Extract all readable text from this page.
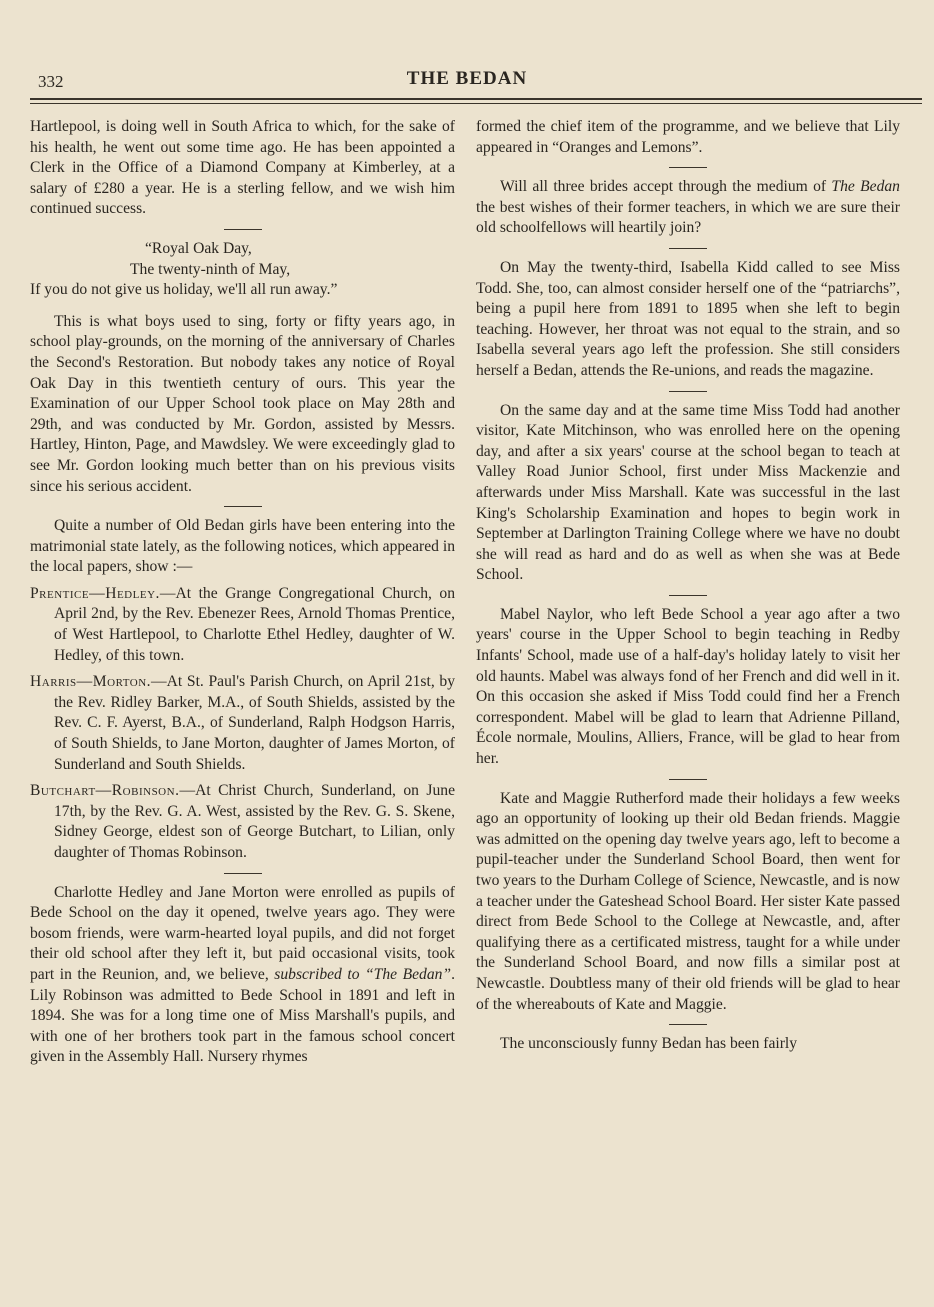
332	THE BEDAN

Hartlepool, is doing well in South Africa to which, for the sake of his health, he went out some time ago. He has been appointed a Clerk in the Office of a Diamond Company at Kimberley, at a salary of £280 a year. He is a sterling fellow, and we wish him continued success.

“Royal Oak Day,
The twenty-ninth of May,
If you do not give us holiday, we'll all run away.”

This is what boys used to sing, forty or fifty years ago, in school play-grounds, on the morning of the anniversary of Charles the Second's Restoration. But nobody takes any notice of Royal Oak Day in this twentieth century of ours. This year the Examination of our Upper School took place on May 28th and 29th, and was conducted by Mr. Gordon, assisted by Messrs. Hartley, Hinton, Page, and Mawdsley. We were exceedingly glad to see Mr. Gordon looking much better than on his previous visits since his serious accident.

Quite a number of Old Bedan girls have been entering into the matrimonial state lately, as the following notices, which appeared in the local papers, show :—

Prentice—Hedley.—At the Grange Congregational Church, on April 2nd, by the Rev. Ebenezer Rees, Arnold Thomas Prentice, of West Hartlepool, to Charlotte Ethel Hedley, daughter of W. Hedley, of this town.

Harris—Morton.—At St. Paul's Parish Church, on April 21st, by the Rev. Ridley Barker, M.A., of South Shields, assisted by the Rev. C. F. Ayerst, B.A., of Sunderland, Ralph Hodgson Harris, of South Shields, to Jane Morton, daughter of James Morton, of Sunderland and South Shields.

Butchart—Robinson.—At Christ Church, Sunderland, on June 17th, by the Rev. G. A. West, assisted by the Rev. G. S. Skene, Sidney George, eldest son of George Butchart, to Lilian, only daughter of Thomas Robinson.

Charlotte Hedley and Jane Morton were enrolled as pupils of Bede School on the day it opened, twelve years ago. They were bosom friends, were warm-hearted loyal pupils, and did not forget their old school after they left it, but paid occasional visits, took part in the Reunion, and, we believe, subscribed to “The Bedan”. Lily Robinson was admitted to Bede School in 1891 and left in 1894. She was for a long time one of Miss Marshall's pupils, and with one of her brothers took part in the famous school concert given in the Assembly Hall. Nursery rhymes

formed the chief item of the programme, and we believe that Lily appeared in “Oranges and Lemons”.

Will all three brides accept through the medium of The Bedan the best wishes of their former teachers, in which we are sure their old schoolfellows will heartily join?

On May the twenty-third, Isabella Kidd called to see Miss Todd. She, too, can almost consider herself one of the “patriarchs”, being a pupil here from 1891 to 1895 when she left to begin teaching. However, her throat was not equal to the strain, and so Isabella several years ago left the profession. She still considers herself a Bedan, attends the Re-unions, and reads the magazine.

On the same day and at the same time Miss Todd had another visitor, Kate Mitchinson, who was enrolled here on the opening day, and after a six years' course at the school began to teach at Valley Road Junior School, first under Miss Mackenzie and afterwards under Miss Marshall. Kate was successful in the last King's Scholarship Examination and hopes to begin work in September at Darlington Training College where we have no doubt she will read as hard and do as well as when she was at Bede School.

Mabel Naylor, who left Bede School a year ago after a two years' course in the Upper School to begin teaching in Redby Infants' School, made use of a half-day's holiday lately to visit her old haunts. Mabel was always fond of her French and did well in it. On this occasion she asked if Miss Todd could find her a French correspondent. Mabel will be glad to learn that Adrienne Pilland, École normale, Moulins, Alliers, France, will be glad to hear from her.

Kate and Maggie Rutherford made their holidays a few weeks ago an opportunity of looking up their old Bedan friends. Maggie was admitted on the opening day twelve years ago, left to become a pupil-teacher under the Sunderland School Board, then went for two years to the Durham College of Science, Newcastle, and is now a teacher under the Gateshead School Board. Her sister Kate passed direct from Bede School to the College at Newcastle, and, after qualifying there as a certificated mistress, taught for a while under the Sunderland School Board, and now fills a similar post at Newcastle. Doubtless many of their old friends will be glad to hear of the whereabouts of Kate and Maggie.

The unconsciously funny Bedan has been fairly
